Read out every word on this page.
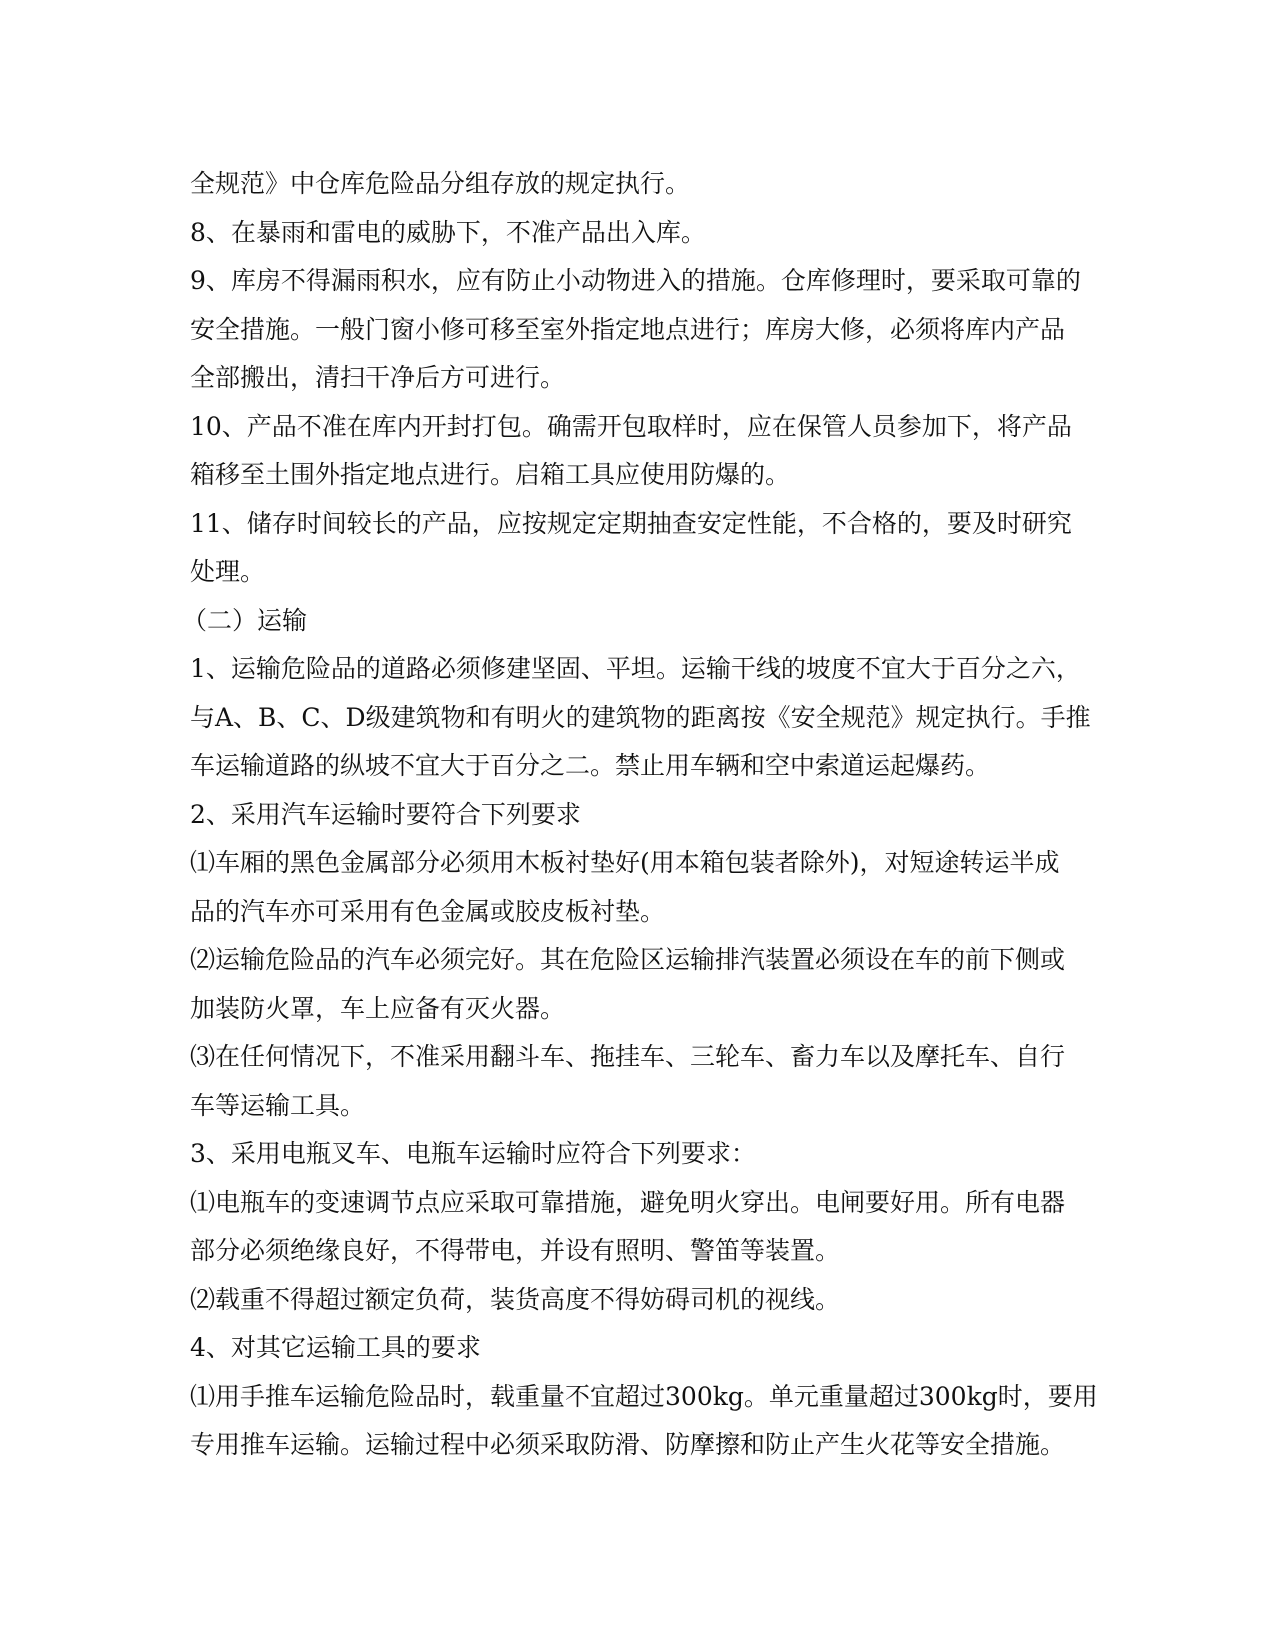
全规范》中仓库危险品分组存放的规定执行。
8、在暴雨和雷电的威胁下，不准产品出入库。
9、库房不得漏雨积水，应有防止小动物进入的措施。仓库修理时，要采取可靠的
安全措施。一般门窗小修可移至室外指定地点进行；库房大修，必须将库内产品
全部搬出，清扫干净后方可进行。
10、产品不准在库内开封打包。确需开包取样时，应在保管人员参加下，将产品
箱移至土围外指定地点进行。启箱工具应使用防爆的。
11、储存时间较长的产品，应按规定定期抽查安定性能，不合格的，要及时研究
处理。
（二）运输
1、运输危险品的道路必须修建坚固、平坦。运输干线的坡度不宜大于百分之六，
与A、B、C、D级建筑物和有明火的建筑物的距离按《安全规范》规定执行。手推
车运输道路的纵坡不宜大于百分之二。禁止用车辆和空中索道运起爆药。
2、采用汽车运输时要符合下列要求
⑴车厢的黑色金属部分必须用木板衬垫好(用本箱包装者除外)，对短途转运半成
品的汽车亦可采用有色金属或胶皮板衬垫。
⑵运输危险品的汽车必须完好。其在危险区运输排汽装置必须设在车的前下侧或
加装防火罩，车上应备有灭火器。
⑶在任何情况下，不准采用翻斗车、拖挂车、三轮车、畜力车以及摩托车、自行
车等运输工具。
3、采用电瓶叉车、电瓶车运输时应符合下列要求：
⑴电瓶车的变速调节点应采取可靠措施，避免明火穿出。电闸要好用。所有电器
部分必须绝缘良好，不得带电，并设有照明、警笛等装置。
⑵载重不得超过额定负荷，装货高度不得妨碍司机的视线。
4、对其它运输工具的要求
⑴用手推车运输危险品时，载重量不宜超过300kg。单元重量超过300kg时，要用
专用推车运输。运输过程中必须采取防滑、防摩擦和防止产生火花等安全措施。
